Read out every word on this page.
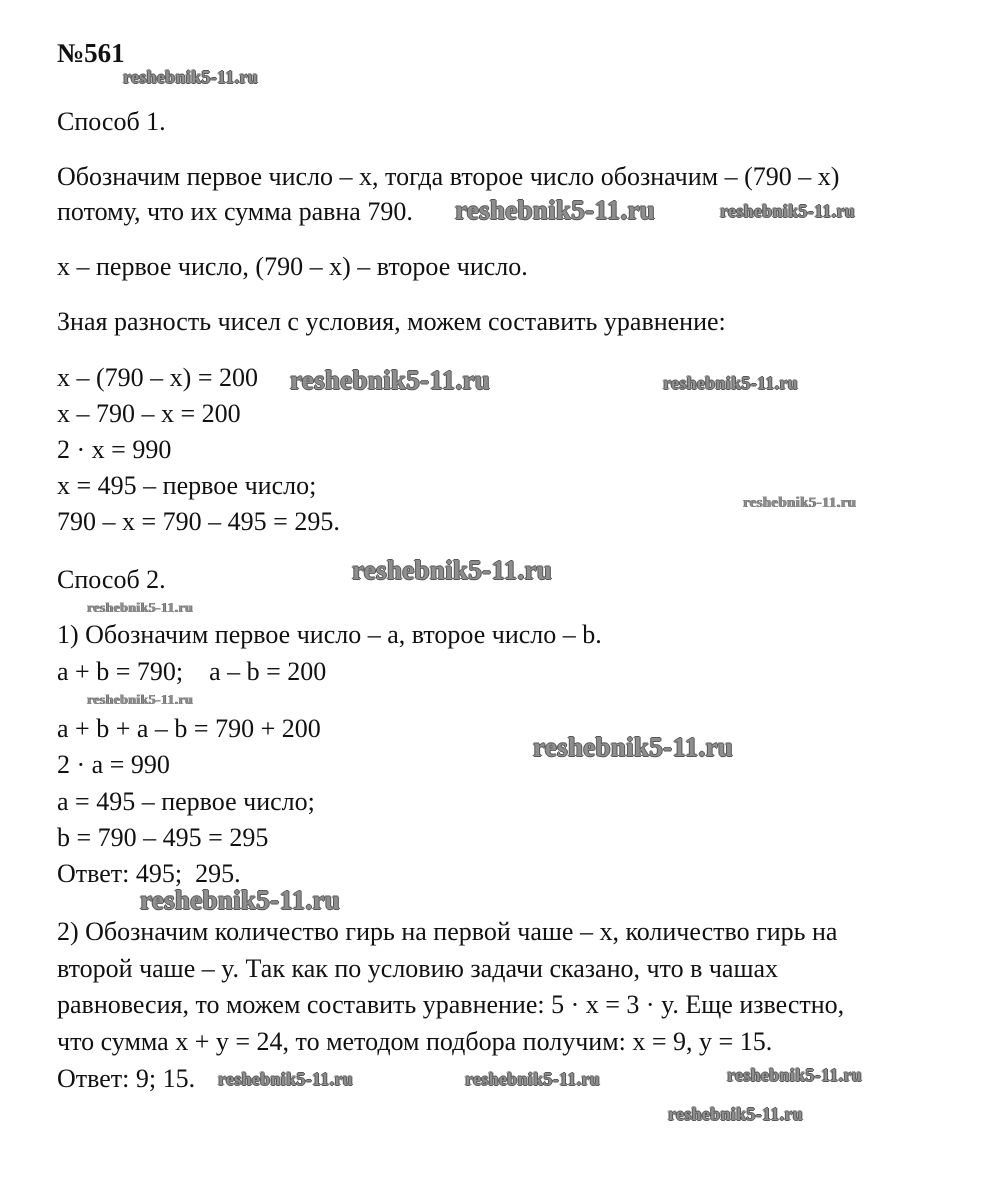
№561
Способ 1.
Обозначим первое число – x, тогда второе число обозначим – (790 – x)
потому, что их сумма равна 790.
x – первое число, (790 – x) – второе число.
Зная разность чисел с условия, можем составить уравнение:
x – (790 – x) = 200
x – 790 – x = 200
2 · x = 990
x = 495 – первое число;
790 – x = 790 – 495 = 295.
Способ 2.
1) Обозначим первое число – a, второе число – b.
a + b = 790;    a – b = 200
a + b + a – b = 790 + 200
2 · a = 990
a = 495 – первое число;
b = 790 – 495 = 295
Ответ: 495;  295.
2) Обозначим количество гирь на первой чаше – x, количество гирь на
второй чаше – y. Так как по условию задачи сказано, что в чашах
равновесия, то можем составить уравнение: 5 · x = 3 · y. Еще известно,
что сумма x + y = 24, то методом подбора получим: x = 9, y = 15.
Ответ: 9; 15.
reshebnik5-11.ru
reshebnik5-11.ru
reshebnik5-11.ru
reshebnik5-11.ru	reshebnik5-11.ru
reshebnik5-11.ru
reshebnik5-11.ru
reshebnik5-11.ru
reshebnik5-11.ru
reshebnik5-11.ru
reshebnik5-11.ru
reshebnik5-11.ru
reshebnik5-11.ru	reshebnik5-11.ru	reshebnik5-11.ru
